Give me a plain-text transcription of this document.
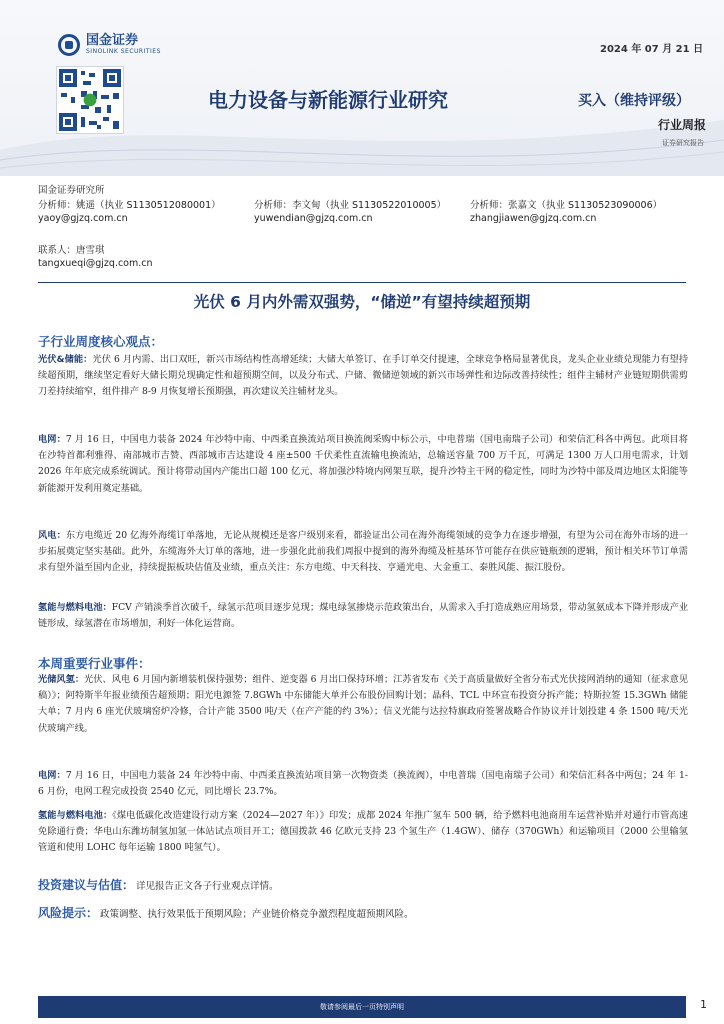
国金证券
SINOLINK SECURITIES	2024 年 07 月 21 日
电力设备与新能源行业研究	买入（维持评级）
行业周报
证券研究报告
国金证券研究所
分析师：姚遥（执业 S1130512080001）
yaoy@gjzq.com.cn
分析师：李文甸（执业 S1130522010005）
yuwendian@gjzq.com.cn
分析师：张嘉文（执业 S1130523090006）
zhangjiawen@gjzq.com.cn
联系人：唐雪琪
tangxueqi@gjzq.com.cn
光伏 6 月内外需双强势，“储逆”有望持续超预期
子行业周度核心观点：

光伏&储能：光伏 6 月内需、出口双旺，新兴市场结构性高增延续；大储大单签订、在手订单交付提速，全球竞争格局显著优良，龙头企业业绩兑现能力有望持续超预期，继续坚定看好大储长期兑现确定性和超预期空间，以及分布式、户储、微储逆领域的新兴市场弹性和边际改善持续性；组件主辅材产业链短期供需剪刀差持续缩窄，组件排产 8-9 月恢复增长预期强，再次建议关注辅材龙头。

电网：7 月 16 日，中国电力装备 2024 年沙特中南、中西柔直换流站项目换流阀采购中标公示，中电普瑞（国电南瑞子公司）和荣信汇科各中两包。此项目将在沙特首都利雅得、南部城市吉赞、西部城市吉达建设 4 座±500 千伏柔性直流输电换流站，总输送容量 700 万千瓦，可满足 1300 万人口用电需求，计划 2026 年年底完成系统调试。预计将带动国内产能出口超 100 亿元、将加强沙特境内网架互联，提升沙特主干网的稳定性，同时为沙特中部及周边地区太阳能等新能源开发利用奠定基础。

风电：东方电缆近 20 亿海外海缆订单落地，无论从规模还是客户级别来看，都验证出公司在海外海缆领域的竞争力在逐步增强，有望为公司在海外市场的进一步拓展奠定坚实基础。此外，东缆海外大订单的落地，进一步强化此前我们周报中提到的海外海缆及桩基环节可能存在供应链瓶颈的逻辑，预计相关环节订单需求有望外溢至国内企业，持续提振板块估值及业绩，重点关注：东方电缆、中天科技、亨通光电、大金重工、泰胜风能、振江股份。

氢能与燃料电池：FCV 产销淡季首次破千，绿氢示范项目逐步兑现；煤电绿氢掺烧示范政策出台，从需求入手打造成熟应用场景，带动氢氨成本下降并形成产业链形成，绿氢潜在市场增加，利好一体化运营商。

本周重要行业事件：

光储风氢：光伏、风电 6 月国内新增装机保持强势；组件、逆变器 6 月出口保持环增；江苏省发布《关于高质量做好全省分布式光伏接网消纳的通知（征求意见稿）》；阿特斯半年报业绩预告超预期；阳光电源签 7.8GWh 中东储能大单并公布股份回购计划；晶科、TCL 中环宣布投资分拆产能；特斯拉签 15.3GWh 储能大单；7 月内 6 座光伏玻璃窑炉冷修，合计产能 3500 吨/天（在产产能的约 3%）；信义光能与达拉特旗政府签署战略合作协议并计划投建 4 条 1500 吨/天光伏玻璃产线。

电网：7 月 16 日，中国电力装备 24 年沙特中南、中西柔直换流站项目第一次物资类（换流阀），中电普瑞（国电南瑞子公司）和荣信汇科各中两包；24 年 1-6 月份，电网工程完成投资 2540 亿元，同比增长 23.7%。

氢能与燃料电池：《煤电低碳化改造建设行动方案（2024—2027 年）》印发；成都 2024 年推广氢车 500 辆，给予燃料电池商用车运营补贴并对通行市管高速免除通行费；华电山东潍坊制氢加氢一体站试点项目开工；德国拨款 46 亿欧元支持 23 个氢生产（1.4GW）、储存（370GWh）和运输项目（2000 公里输氢管道和使用 LOHC 每年运输 1800 吨氢气）。

投资建议与估值： 详见报告正文各子行业观点详情。
风险提示： 政策调整、执行效果低于预期风险；产业链价格竞争激烈程度超预期风险。
敬请参阅最后一页特别声明	1
